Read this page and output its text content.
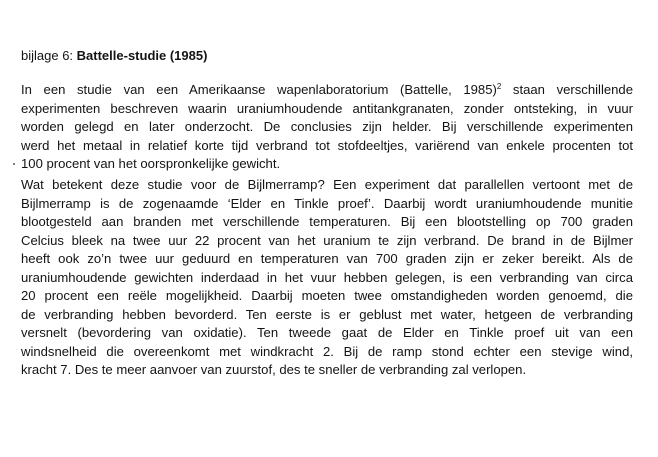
bijlage 6: Battelle-studie (1985)
In een studie van een Amerikaanse wapenlaboratorium (Battelle, 1985)$^2$ staan verschillende
experimenten beschreven waarin uraniumhoudende antitankgranaten, zonder ontsteking, in vuur
worden gelegd en later onderzocht. De conclusies zijn helder. Bij verschillende experimenten
werd het metaal in relatief korte tijd verbrand tot stofdeeltjes, variërend van enkele procenten tot
100 procent van het oorspronkelijke gewicht.
Wat betekent deze studie voor de Bijlmerramp? Een experiment dat parallellen vertoont met de
Bijlmerramp is de zogenaamde ‘Elder en Tinkle proef’. Daarbij wordt uraniumhoudende munitie
blootgesteld aan branden met verschillende temperaturen. Bij een blootstelling op 700 graden
Celcius bleek na twee uur 22 procent van het uranium te zijn verbrand. De brand in de Bijlmer
heeft ook zo’n twee uur geduurd en temperaturen van 700 graden zijn er zeker bereikt. Als de
uraniumhoudende gewichten inderdaad in het vuur hebben gelegen, is een verbranding van circa
20 procent een reële mogelijkheid. Daarbij moeten twee omstandigheden worden genoemd, die
de verbranding hebben bevorderd. Ten eerste is er geblust met water, hetgeen de verbranding
versnelt (bevordering van oxidatie). Ten tweede gaat de Elder en Tinkle proef uit van een
windsnelheid die overeenkomt met windkracht 2. Bij de ramp stond echter een stevige wind,
kracht 7. Des te meer aanvoer van zuurstof, des te sneller de verbranding zal verlopen.
